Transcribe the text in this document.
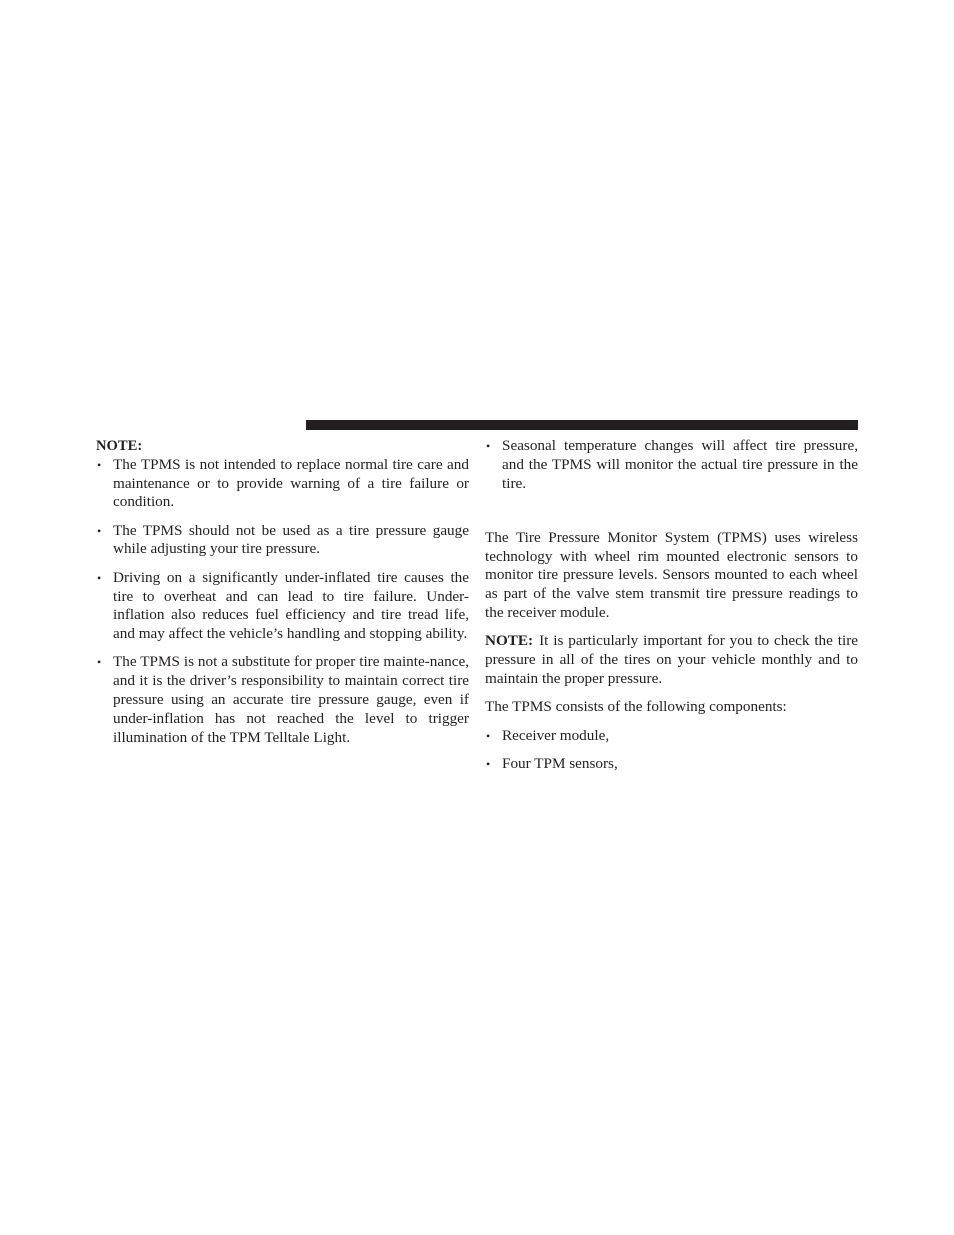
NOTE:
• The TPMS is not intended to replace normal tire care and maintenance or to provide warning of a tire failure or condition.
• The TPMS should not be used as a tire pressure gauge while adjusting your tire pressure.
• Driving on a significantly under-inflated tire causes the tire to overheat and can lead to tire failure. Under-inflation also reduces fuel efficiency and tire tread life, and may affect the vehicle’s handling and stopping ability.
• The TPMS is not a substitute for proper tire mainte-nance, and it is the driver’s responsibility to maintain correct tire pressure using an accurate tire pressure gauge, even if under-inflation has not reached the level to trigger illumination of the TPM Telltale Light.
• Seasonal temperature changes will affect tire pressure, and the TPMS will monitor the actual tire pressure in the tire.

The Tire Pressure Monitor System (TPMS) uses wireless technology with wheel rim mounted electronic sensors to monitor tire pressure levels. Sensors mounted to each wheel as part of the valve stem transmit tire pressure readings to the receiver module.

NOTE: It is particularly important for you to check the tire pressure in all of the tires on your vehicle monthly and to maintain the proper pressure.

The TPMS consists of the following components:

• Receiver module,
• Four TPM sensors,
